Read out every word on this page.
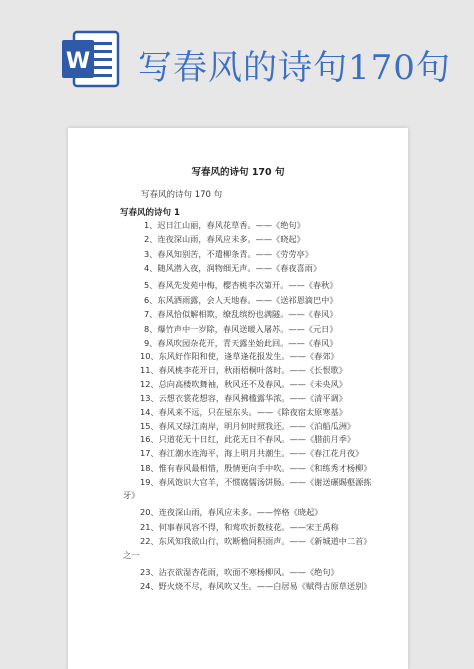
W 写春风的诗句170句
写春风的诗句 170 句
写春风的诗句 170 句
写春风的诗句 1
1、迟日江山丽，春风花草香。——《绝句》
2、连夜深山雨，春风应未多。——《晓起》
3、春风知别苦，不遣柳条青。——《劳劳亭》
4、随风潜入夜，润物细无声。——《春夜喜雨》
5、春风先发苑中梅，樱杏桃李次第开。——《春秋》
6、东风洒雨露，会人天地春。——《送祁恩滴巴中》
7、春风恰似解相欺，缭乱缤纷也满隧。——《春风》
8、爆竹声中一岁除，春风送暖入屠苏。——《元日》
9、春风吹园杂花开，青天露坐始此回。——《春风》
10、东风好作阳和使，逢草逢花报发生。——《春郊》
11、春风桃李花开日，秋雨梧桐叶落时。——《长恨歌》
12、总向高楼吹舞袖，秋风还不及春风。——《未央风》
13、云想衣裳花想容，春风拂槛露华浓。——《清平调》
14、春风来不远，只在屋东头。——《除夜宿太原寒基》
15、春风又绿江南岸，明月何时照我还。——《泊船瓜洲》
16、只道花无十日红，此花无日不春风。——《腊前月季》
17、春江潮水连海平，海上明月共潮生。——《春江花月夜》
18、惟有春风最相惜，殷情更向手中吹。——《和练秀才杨柳》
19、春风饱识大官羊，不惯腐儒汤饼肠。——《谢送碾賜壑源拣
牙》
20、连夜深山雨，春风应未多。——悴格《晓起》
21、何事春风容不得，和莺吹折数枝花。——宋王禹称
22、东风知我欲山行，吹断檐间积雨声。——《新城道中二首》
之一
23、沾衣欲湿杏花雨，吹面不寒杨柳风。——《绝句》
24、野火烧不尽，春风吹又生。——白居易《赋得古原草送别》
